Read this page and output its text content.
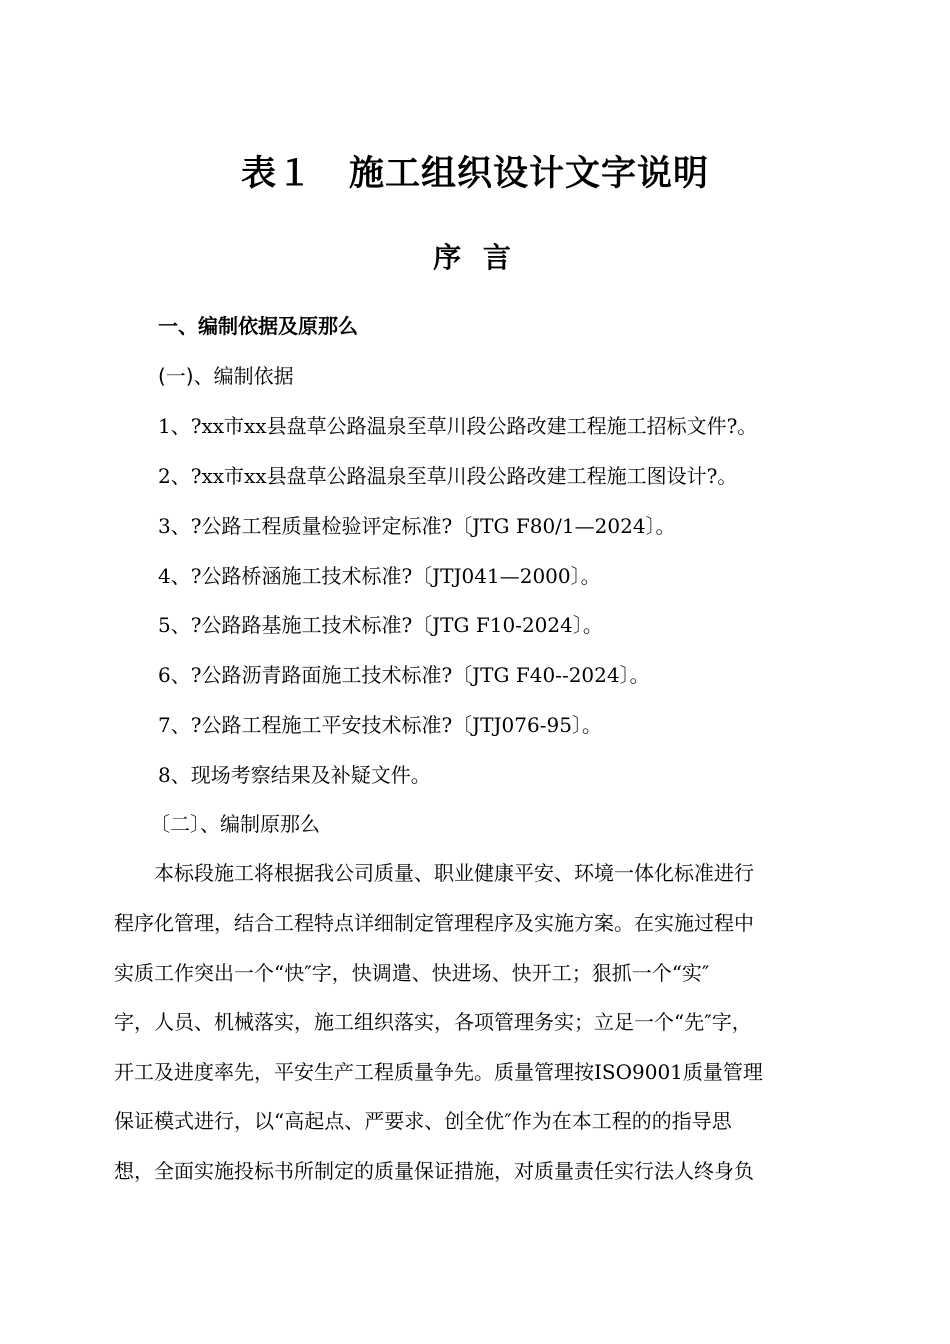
表１　施工组织设计文字说明
序 言
一、编制依据及原那么
(一)、编制依据
1、?xx市xx县盘草公路温泉至草川段公路改建工程施工招标文件?。
2、?xx市xx县盘草公路温泉至草川段公路改建工程施工图设计?。
3、?公路工程质量检验评定标准?〔JTG F80/1—2024〕。
4、?公路桥涵施工技术标准?〔JTJ041—2000〕。
5、?公路路基施工技术标准?〔JTG F10-2024〕。
6、?公路沥青路面施工技术标准?〔JTG F40--2024〕。
7、?公路工程施工平安技术标准?〔JTJ076-95〕。
8、现场考察结果及补疑文件。
〔二〕、编制原那么
　　本标段施工将根据我公司质量、职业健康平安、环境一体化标准进行
程序化管理，结合工程特点详细制定管理程序及实施方案。在实施过程中
实质工作突出一个“快″字，快调遣、快进场、快开工；狠抓一个“实″
字，人员、机械落实，施工组织落实，各项管理务实；立足一个“先″字，
开工及进度率先，平安生产工程质量争先。质量管理按ISO9001质量管理
保证模式进行，以“高起点、严要求、创全优″作为在本工程的的指导思
想，全面实施投标书所制定的质量保证措施，对质量责任实行法人终身负
